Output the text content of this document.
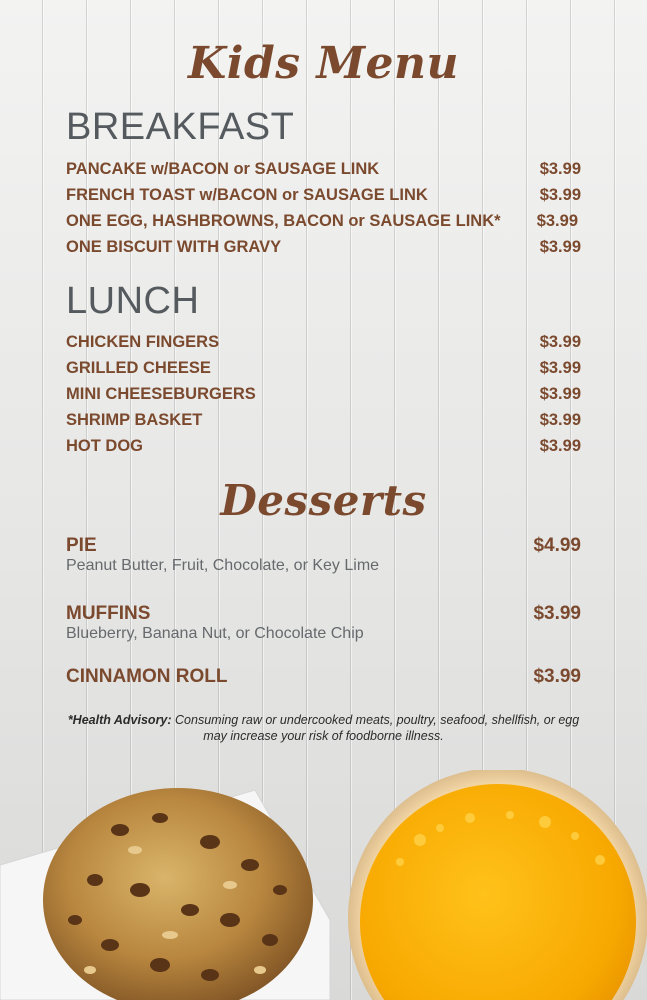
Kids Menu
BREAKFAST
PANCAKE w/BACON or SAUSAGE LINK	$3.99
FRENCH TOAST w/BACON or SAUSAGE LINK	$3.99
ONE EGG, HASHBROWNS, BACON or SAUSAGE LINK* $3.99
ONE BISCUIT WITH GRAVY	$3.99
LUNCH
CHICKEN FINGERS	$3.99
GRILLED CHEESE	$3.99
MINI CHEESEBURGERS	$3.99
SHRIMP BASKET	$3.99
HOT DOG	$3.99
Desserts
PIE	$4.99
Peanut Butter, Fruit, Chocolate, or Key Lime
MUFFINS	$3.99
Blueberry, Banana Nut, or Chocolate Chip
CINNAMON ROLL	$3.99
*Health Advisory: Consuming raw or undercooked meats, poultry, seafood, shellfish, or egg may increase your risk of foodborne illness.
